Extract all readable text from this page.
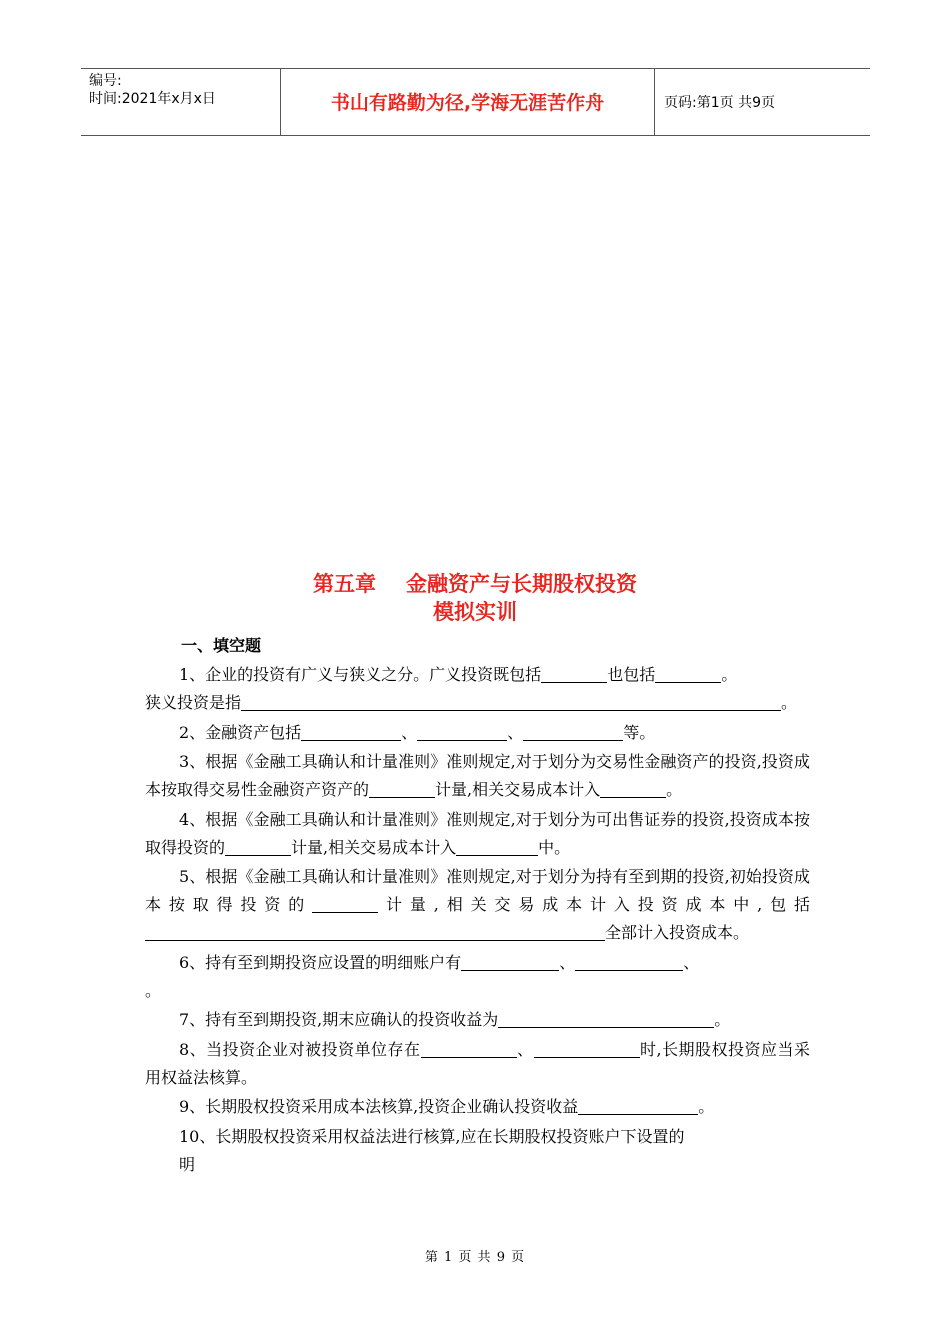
编号:
时间:2021年x月x日	书山有路勤为径,学海无涯苦作舟	页码:第1页 共9页
第五章 金融资产与长期股权投资
模拟实训
一、填空题
1、企业的投资有广义与狭义之分。广义投资既包括	也包括	。
狭义投资是指	。
2、金融资产包括	、	、	等。
3、根据《金融工具确认和计量准则》准则规定,对于划分为交易性金融资产的投资,投资成本按取得交易性金融资产资产的	计量,相关交易成本计入	。
4、根据《金融工具确认和计量准则》准则规定,对于划分为可出售证券的投资,投资成本按取得投资的	计量,相关交易成本计入	中。
5、根据《金融工具确认和计量准则》准则规定,对于划分为持有至到期的投资,初始投资成本按取得投资的	计量,相关交易成本计入投资成本中,包括全部计入投资成本。
6、持有至到期投资应设置的明细账户有	、	、
。
7、持有至到期投资,期末应确认的投资收益为	。
8、当投资企业对被投资单位存在	、	时,长期股权投资应当采用权益法核算。
9、长期股权投资采用成本法核算,投资企业确认投资收益	。
10、长期股权投资采用权益法进行核算,应在长期股权投资账户下设置的
明
第 1 页 共 9 页
